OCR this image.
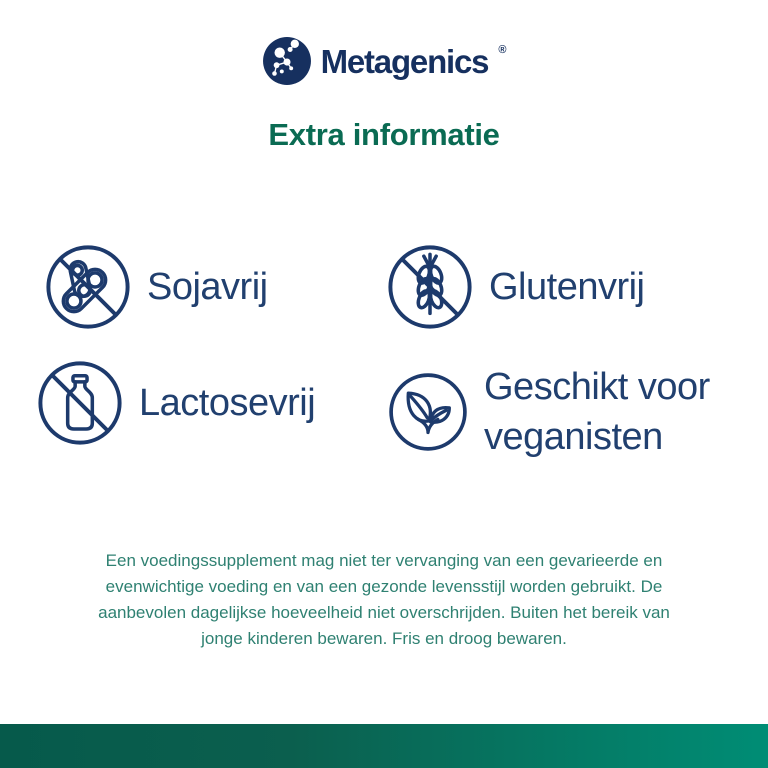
Metagenics ®
Extra informatie
Sojavrij	Glutenvrij
Lactosevrij	Geschikt voor veganisten
Een voedingssupplement mag niet ter vervanging van een gevarieerde en
evenwichtige voeding en van een gezonde levensstijl worden gebruikt. De
aanbevolen dagelijkse hoeveelheid niet overschrijden. Buiten het bereik van
jonge kinderen bewaren. Fris en droog bewaren.
